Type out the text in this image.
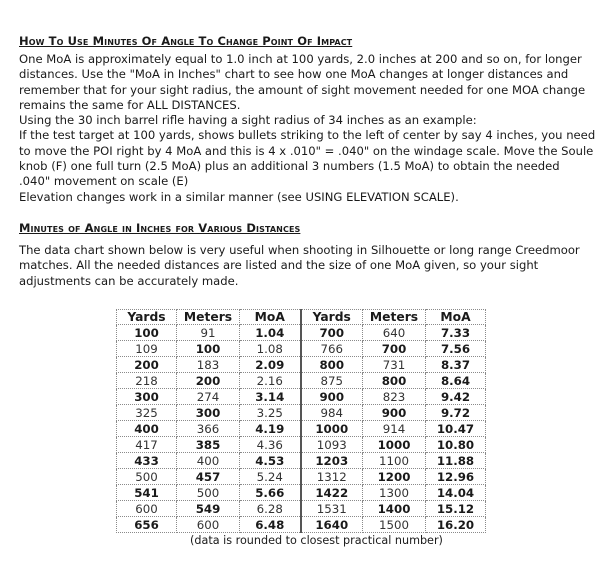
How To Use Minutes Of Angle To Change Point Of Impact

One MoA is approximately equal to 1.0 inch at 100 yards, 2.0 inches at 200 and so on, for longer
distances. Use the "MoA in Inches" chart to see how one MoA changes at longer distances and
remember that for your sight radius, the amount of sight movement needed for one MOA change
remains the same for ALL DISTANCES.
Using the 30 inch barrel rifle having a sight radius of 34 inches as an example:
If the test target at 100 yards, shows bullets striking to the left of center by say 4 inches, you need
to move the POI right by 4 MoA and this is 4 x .010" = .040" on the windage scale. Move the Soule
knob (F) one full turn (2.5 MoA) plus an additional 3 numbers (1.5 MoA) to obtain the needed
.040" movement on scale (E)
Elevation changes work in a similar manner (see USING ELEVATION SCALE).

Minutes of Angle in Inches for Various Distances

The data chart shown below is very useful when shooting in Silhouette or long range Creedmoor
matches. All the needed distances are listed and the size of one MoA given, so your sight
adjustments can be accurately made.

Yards	Meters	MoA	Yards	Meters	MoA
100	91	1.04	700	640	7.33
109	100	1.08	766	700	7.56
200	183	2.09	800	731	8.37
218	200	2.16	875	800	8.64
300	274	3.14	900	823	9.42
325	300	3.25	984	900	9.72
400	366	4.19	1000	914	10.47
417	385	4.36	1093	1000	10.80
433	400	4.53	1203	1100	11.88
500	457	5.24	1312	1200	12.96
541	500	5.66	1422	1300	14.04
600	549	6.28	1531	1400	15.12
656	600	6.48	1640	1500	16.20

(data is rounded to closest practical number)
